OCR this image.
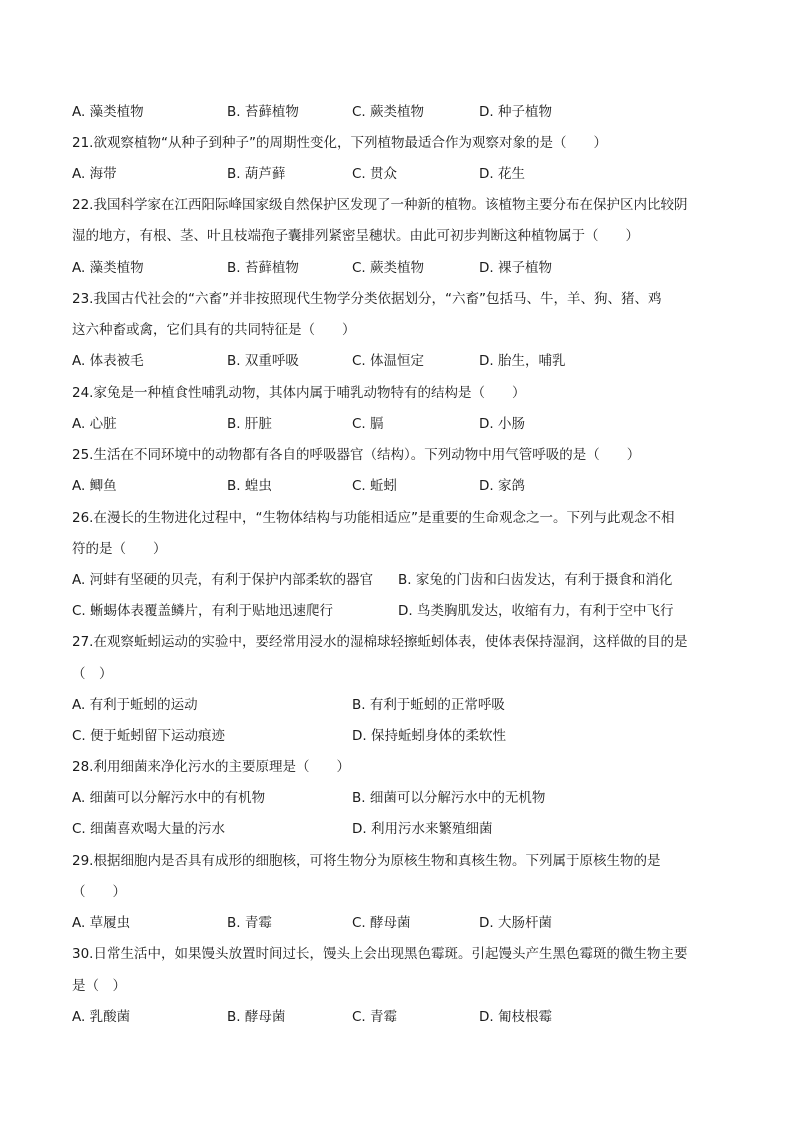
A. 藻类植物	B. 苔藓植物	C. 蕨类植物	D. 种子植物
21.欲观察植物“从种子到种子”的周期性变化，下列植物最适合作为观察对象的是（　　）
A. 海带	B. 葫芦藓	C. 贯众	D. 花生
22.我国科学家在江西阳际峰国家级自然保护区发现了一种新的植物。该植物主要分布在保护区内比较阴
湿的地方，有根、茎、叶且枝端孢子囊排列紧密呈穗状。由此可初步判断这种植物属于（　　）
A. 藻类植物	B. 苔藓植物	C. 蕨类植物	D. 裸子植物
23.我国古代社会的“六畜”并非按照现代生物学分类依据划分，“六畜”包括马、牛，羊、狗、猪、鸡
这六种畜或禽，它们具有的共同特征是（　　）
A. 体表被毛	B. 双重呼吸	C. 体温恒定	D. 胎生，哺乳
24.家兔是一种植食性哺乳动物，其体内属于哺乳动物特有的结构是（　　）
A. 心脏	B. 肝脏	C. 膈	D. 小肠
25.生活在不同环境中的动物都有各自的呼吸器官（结构）。下列动物中用气管呼吸的是（　　）
A. 鲫鱼	B. 蝗虫	C. 蚯蚓	D. 家鸽
26.在漫长的生物进化过程中，“生物体结构与功能相适应”是重要的生命观念之一。下列与此观念不相
符的是（　　）
A. 河蚌有坚硬的贝壳，有利于保护内部柔软的器官 B. 家兔的门齿和臼齿发达，有利于摄食和消化
C. 蜥蜴体表覆盖鳞片，有利于贴地迅速爬行	D. 鸟类胸肌发达，收缩有力，有利于空中飞行
27.在观察蚯蚓运动的实验中，要经常用浸水的湿棉球轻擦蚯蚓体表，使体表保持湿润，这样做的目的是
（　）
A. 有利于蚯蚓的运动	B. 有利于蚯蚓的正常呼吸
C. 便于蚯蚓留下运动痕迹	D. 保持蚯蚓身体的柔软性
28.利用细菌来净化污水的主要原理是（　　）
A. 细菌可以分解污水中的有机物	B. 细菌可以分解污水中的无机物
C. 细菌喜欢喝大量的污水	D. 利用污水来繁殖细菌
29.根据细胞内是否具有成形的细胞核，可将生物分为原核生物和真核生物。下列属于原核生物的是
（　　）
A. 草履虫	B. 青霉	C. 酵母菌	D. 大肠杆菌
30.日常生活中，如果馒头放置时间过长，馒头上会出现黑色霉斑。引起馒头产生黑色霉斑的微生物主要
是（　）
A. 乳酸菌	B. 酵母菌	C. 青霉	D. 匍枝根霉
